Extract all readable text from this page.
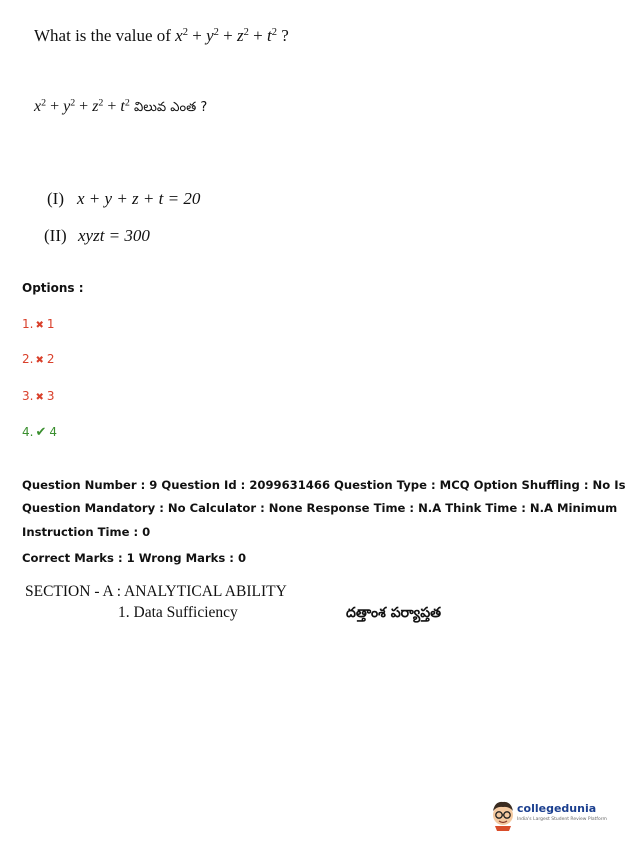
What is the value of $x^2 + y^2 + z^2 + t^2$ ?
$x^2 + y^2 + z^2 + t^2$ విలువ ఎంత ?
(I) x + y + z + t = 20
(II) xyzt = 300
Options :
1. ✖ 1
2. ✖ 2
3. ✖ 3
4. ✔ 4
Question Number : 9 Question Id : 2099631466 Question Type : MCQ Option Shuffling : No Is
Question Mandatory : No Calculator : None Response Time : N.A Think Time : N.A Minimum
Instruction Time : 0
Correct Marks : 1 Wrong Marks : 0
SECTION - A : ANALYTICAL ABILITY
1. Data Sufficiency	దత్తాంశ పర్యాప్తత
collegedunia
India's Largest Student Review Platform
